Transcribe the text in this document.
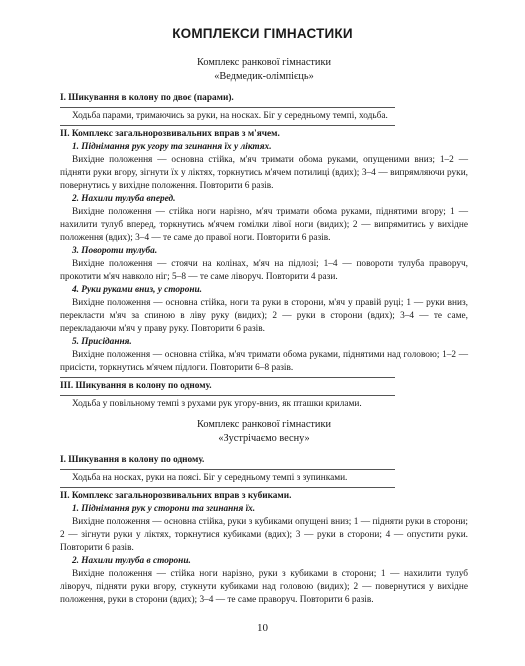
КОМПЛЕКСИ ГІМНАСТИКИ

Комплекс ранкової гімнастики

«Ведмедик-олімпієць»

I. Шикування в колону по двоє (парами).

Ходьба парами, тримаючись за руки, на носках. Біг у середньому темпі, ходьба.

II. Комплекс загальнорозвивальних вправ з м'ячем.

1. Піднімання рук угору та згинання їх у ліктях.

Вихідне положення — основна стійка, м'яч тримати обома руками, опущеними вниз; 1–2 — підняти руки вгору, зігнути їх у ліктях, торкнутись м'ячем потилиці (вдих); 3–4 — випрямляючи руки, повернутись у вихідне положення. Повторити 6 разів.

2. Нахили тулуба вперед.

Вихідне положення — стійка ноги нарізно, м'яч тримати обома руками, піднятими вгору; 1 — нахилити тулуб вперед, торкнутись м'ячем гомілки лівої ноги (видих); 2 — випрямитись у вихідне положення (вдих); 3–4 — те саме до правої ноги. Повторити 6 разів.

3. Повороти тулуба.

Вихідне положення — стоячи на колінах, м'яч на підлозі; 1–4 — повороти тулуба праворуч, прокотити м'яч навколо ніг; 5–8 — те саме ліворуч. Повторити 4 рази.

4. Руки руками вниз, у сторони.

Вихідне положення — основна стійка, ноги та руки в сторони, м'яч у правій руці; 1 — руки вниз, перекласти м'яч за спиною в ліву руку (видих); 2 — руки в сторони (вдих); 3–4 — те саме, перекладаючи м'яч у праву руку. Повторити 6 разів.

5. Присідання.

Вихідне положення — основна стійка, м'яч тримати обома руками, піднятими над головою; 1–2 — присісти, торкнутись м'ячем підлоги. Повторити 6–8 разів.

III. Шикування в колону по одному.

Ходьба у повільному темпі з рухами рук угору-вниз, як пташки крилами.

Комплекс ранкової гімнастики

«Зустрічаємо весну»

I. Шикування в колону по одному.

Ходьба на носках, руки на поясі. Біг у середньому темпі з зупинками.

II. Комплекс загальнорозвивальних вправ з кубиками.

1. Піднімання рук у сторони та згинання їх.

Вихідне положення — основна стійка, руки з кубиками опущені вниз; 1 — підняти руки в сторони; 2 — зігнути руки у ліктях, торкнутися кубиками (вдих); 3 — руки в сторони; 4 — опустити руки. Повторити 6 разів.

2. Нахили тулуба в сторони.

Вихідне положення — стійка ноги нарізно, руки з кубиками в сторони; 1 — нахилити тулуб ліворуч, підняти руки вгору, стукнути кубиками над головою (видих); 2 — повернутися у вихідне положення, руки в сторони (вдих); 3–4 — те саме праворуч. Повторити 6 разів.

10
